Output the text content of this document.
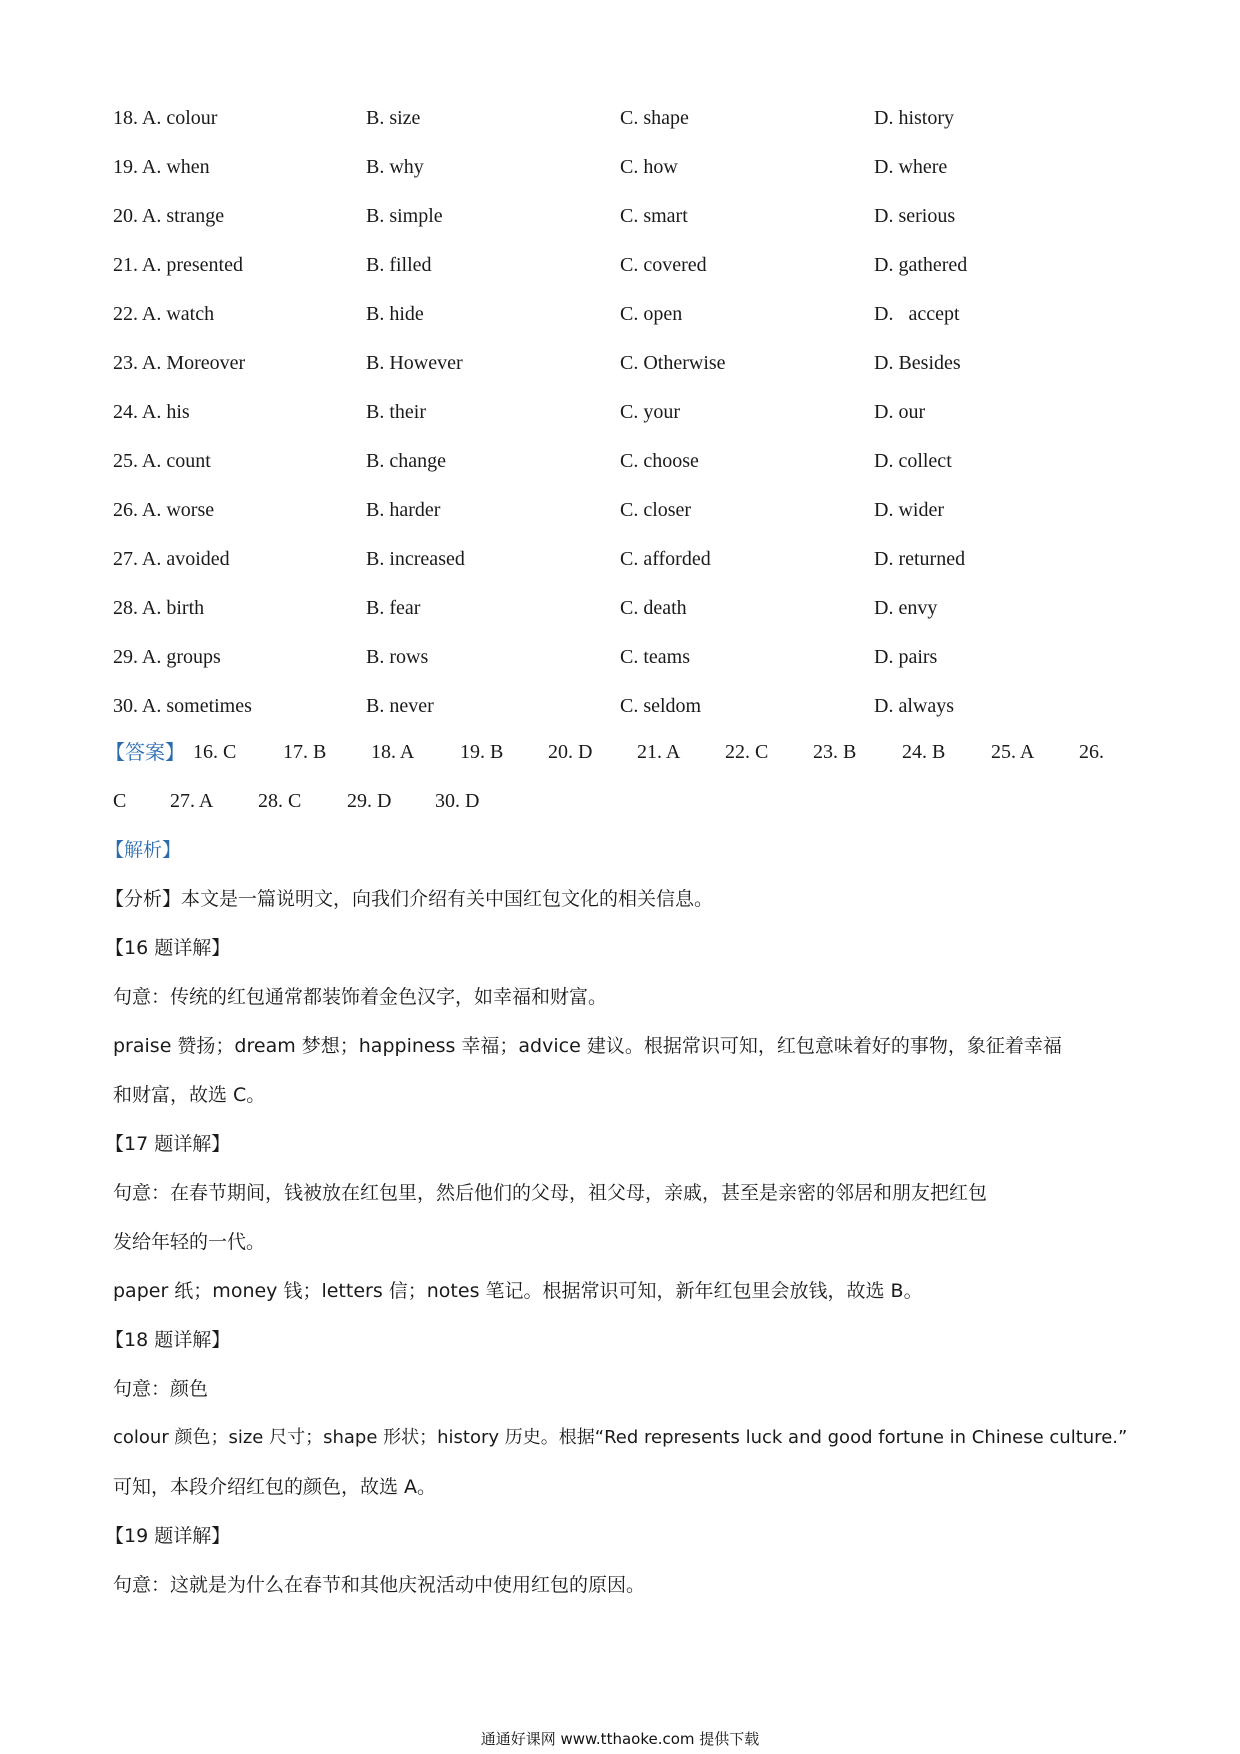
18. A. colour	B. size	C. shape	D. history
19. A. when	B. why	C. how	D. where
20. A. strange	B. simple	C. smart	D. serious
21. A. presented	B. filled	C. covered	D. gathered
22. A. watch	B. hide	C. open	D.   accept
23. A. Moreover	B. However	C. Otherwise	D. Besides
24. A. his	B. their	C. your	D. our
25. A. count	B. change	C. choose	D. collect
26. A. worse	B. harder	C. closer	D. wider
27. A. avoided	B. increased	C. afforded	D. returned
28. A. birth	B. fear	C. death	D. envy
29. A. groups	B. rows	C. teams	D. pairs
30. A. sometimes	B. never	C. seldom	D. always
【答案】 16. C 17. B 18. A 19. B 20. D 21. A 22. C 23. B 24. B 25. A 26.
C 27. A 28. C 29. D 30. D
【解析】
【分析】本文是一篇说明文，向我们介绍有关中国红包文化的相关信息。
【16 题详解】
句意：传统的红包通常都装饰着金色汉字，如幸福和财富。
praise 赞扬；dream 梦想；happiness 幸福；advice 建议。根据常识可知，红包意味着好的事物，象征着幸福
和财富，故选 C。
【17 题详解】
句意：在春节期间，钱被放在红包里，然后他们的父母，祖父母，亲戚，甚至是亲密的邻居和朋友把红包
发给年轻的一代。
paper 纸；money 钱；letters 信；notes 笔记。根据常识可知，新年红包里会放钱，故选 B。
【18 题详解】
句意：颜色
colour 颜色；size 尺寸；shape 形状；history 历史。根据“Red represents luck and good fortune in Chinese culture.”
可知，本段介绍红包的颜色，故选 A。
【19 题详解】
句意：这就是为什么在春节和其他庆祝活动中使用红包的原因。
通通好课网 www.tthaoke.com 提供下载
